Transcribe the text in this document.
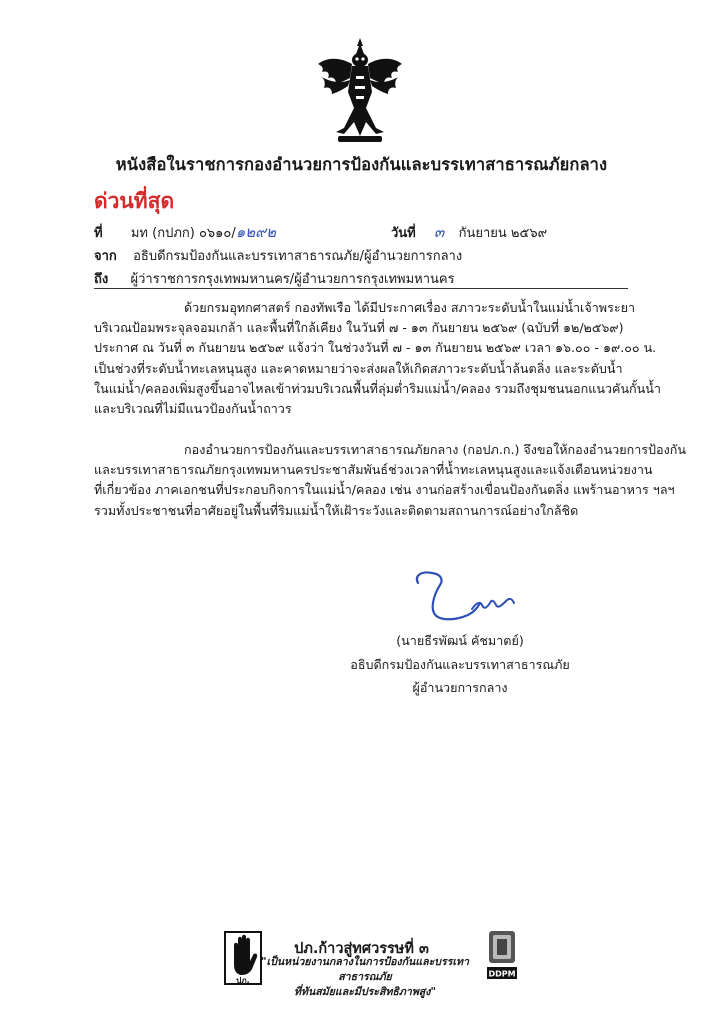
หนังสือในราชการกองอำนวยการป้องกันและบรรเทาสาธารณภัยกลาง
ด่วนที่สุด
ที่ มท (กปภก) ๐๖๑๐/๑๒๙๒	วันที่ ๓ กันยายน ๒๕๖๙
จาก อธิบดีกรมป้องกันและบรรเทาสาธารณภัย/ผู้อำนวยการกลาง
ถึง ผู้ว่าราชการกรุงเทพมหานคร/ผู้อำนวยการกรุงเทพมหานคร
ด้วยกรมอุทกศาสตร์ กองทัพเรือ ได้มีประกาศเรื่อง สภาวะระดับน้ำในแม่น้ำเจ้าพระยา
บริเวณป้อมพระจุลจอมเกล้า และพื้นที่ใกล้เคียง ในวันที่ ๗ - ๑๓ กันยายน ๒๕๖๙ (ฉบับที่ ๑๒/๒๕๖๙)
ประกาศ ณ วันที่ ๓ กันยายน ๒๕๖๙ แจ้งว่า ในช่วงวันที่ ๗ - ๑๓ กันยายน ๒๕๖๙ เวลา ๑๖.๐๐ - ๑๙.๐๐ น.
เป็นช่วงที่ระดับน้ำทะเลหนุนสูง และคาดหมายว่าจะส่งผลให้เกิดสภาวะระดับน้ำล้นตลิ่ง และระดับน้ำ
ในแม่น้ำ/คลองเพิ่มสูงขึ้นอาจไหลเข้าท่วมบริเวณพื้นที่ลุ่มต่ำริมแม่น้ำ/คลอง รวมถึงชุมชนนอกแนวคันกั้นน้ำ
และบริเวณที่ไม่มีแนวป้องกันน้ำถาวร
กองอำนวยการป้องกันและบรรเทาสาธารณภัยกลาง (กอปภ.ก.) จึงขอให้กองอำนวยการป้องกัน
และบรรเทาสาธารณภัยกรุงเทพมหานครประชาสัมพันธ์ช่วงเวลาที่น้ำทะเลหนุนสูงและแจ้งเตือนหน่วยงาน
ที่เกี่ยวข้อง ภาคเอกชนที่ประกอบกิจการในแม่น้ำ/คลอง เช่น งานก่อสร้างเขื่อนป้องกันตลิ่ง แพร้านอาหาร ฯลฯ
รวมทั้งประชาชนที่อาศัยอยู่ในพื้นที่ริมแม่น้ำให้เฝ้าระวังและติดตามสถานการณ์อย่างใกล้ชิด
(นายธีรพัฒน์ คัชมาตย์)
อธิบดีกรมป้องกันและบรรเทาสาธารณภัย
ผู้อำนวยการกลาง
ปภ.
ปภ.ก้าวสู่ทศวรรษที่ ๓
"เป็นหน่วยงานกลางในการป้องกันและบรรเทาสาธารณภัย
ที่ทันสมัยและมีประสิทธิภาพสูง"
DDPM
